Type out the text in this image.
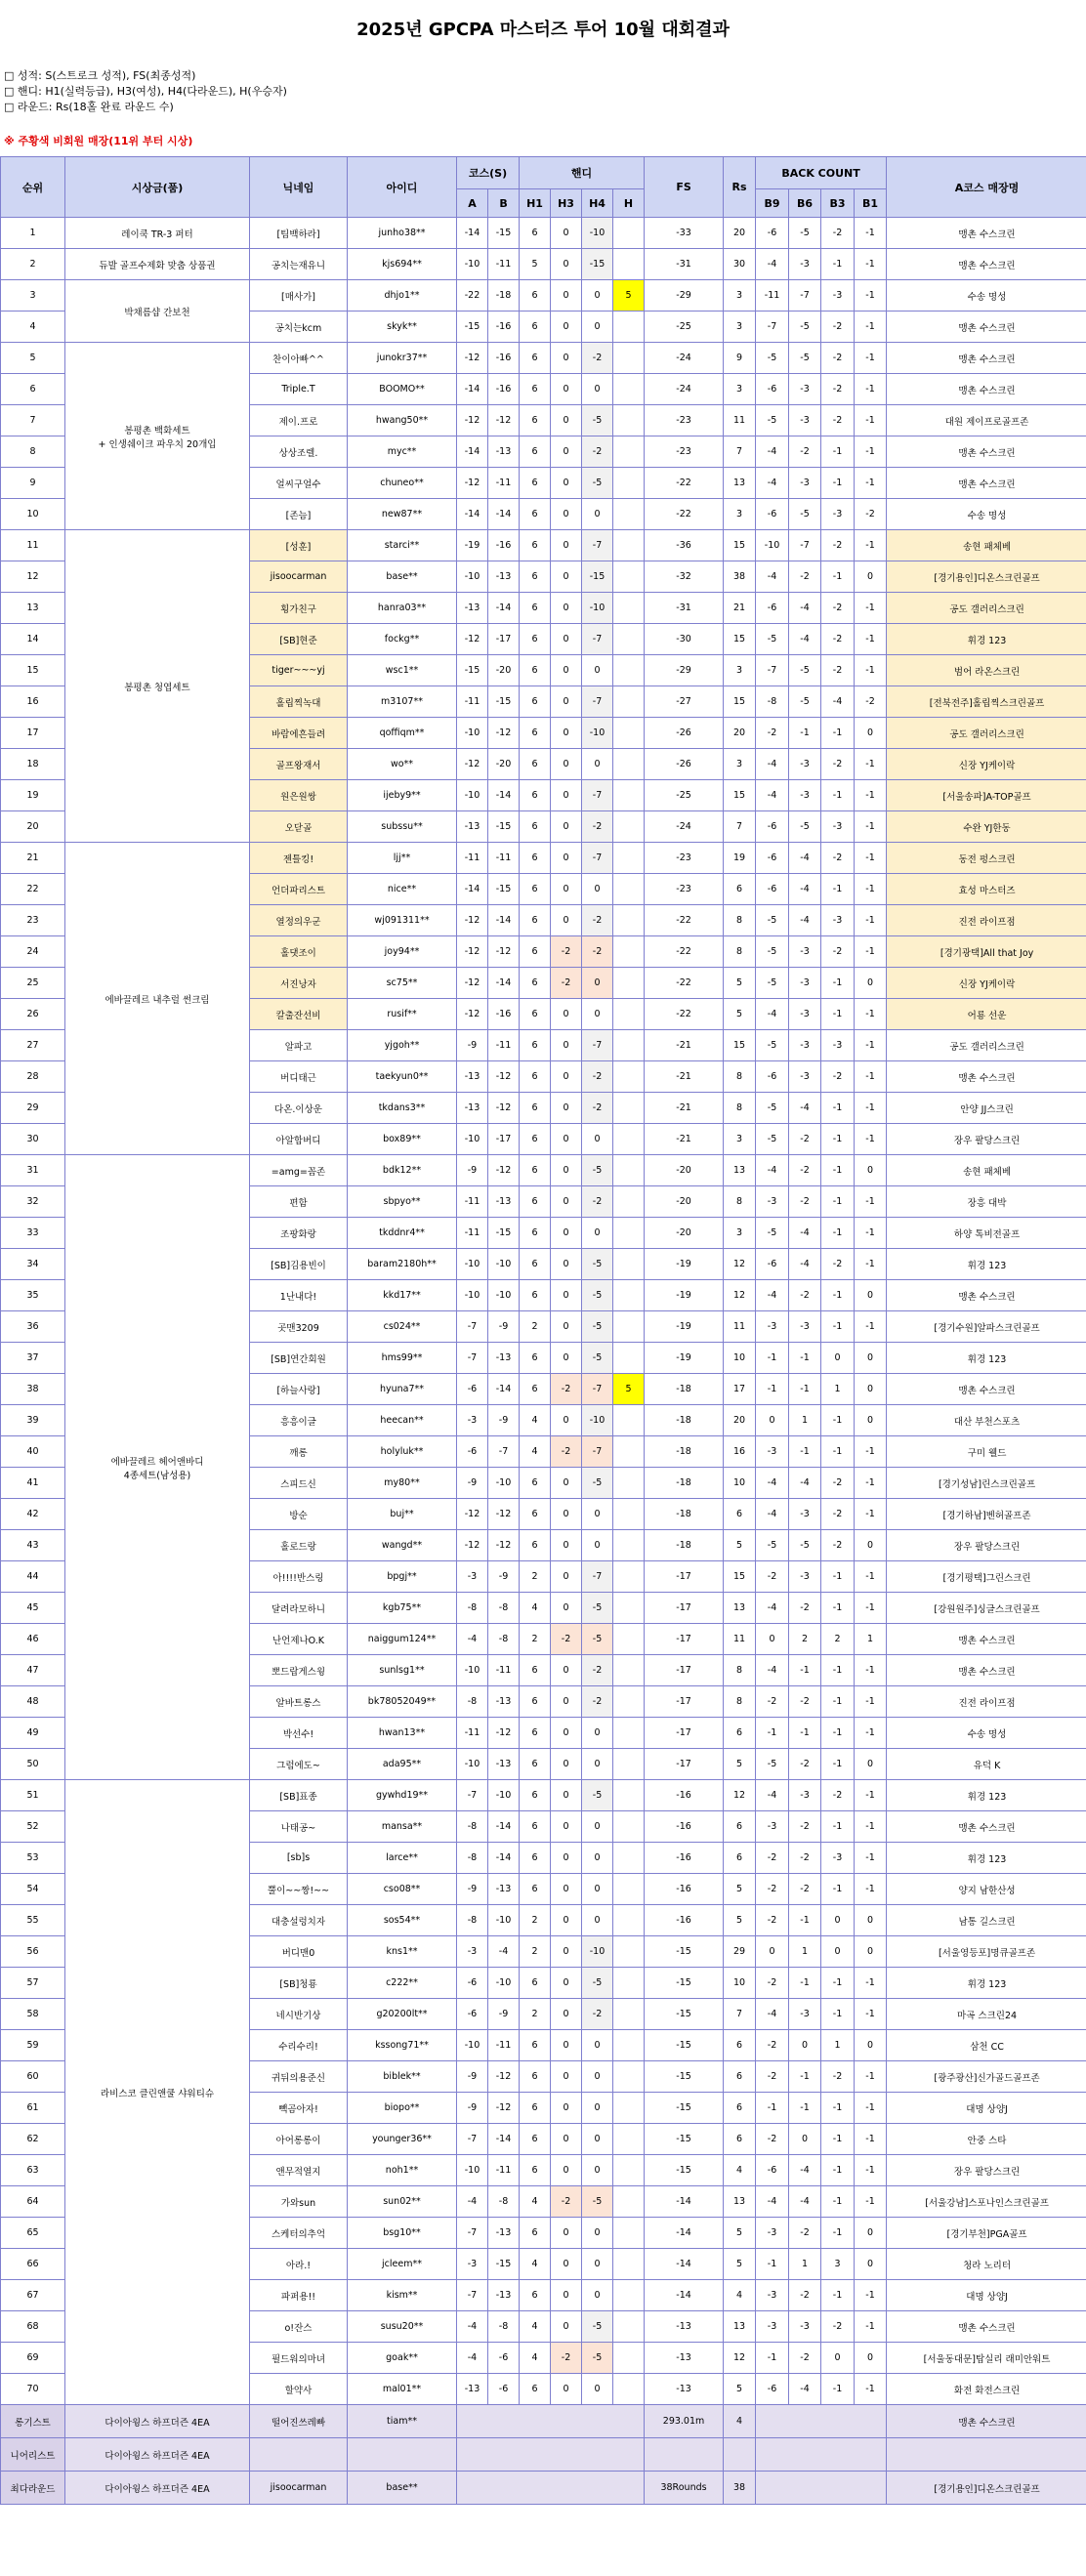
2025년 GPCPA 마스터즈 투어 10월 대회결과
□ 성적: S(스트로크 성적), FS(최종성적)
□ 핸디: H1(실력등급), H3(여성), H4(다라운드), H(우승자)
□ 라운드: Rs(18홀 완료 라운드 수)
※ 주황색 비회원 매장(11위 부터 시상)
순위	시상금(품)	닉네임	아이디	코스(S)		핸디				FS	Rs	BACK COUNT				A코스 매장명
				A	B	H1	H3	H4	H			B9	B6	B3	B1	
1	레이쿡 TR-3 퍼터	[팀백하라]	junho38**	-14	-15	6	0	-10		-33	20	-6	-5	-2	-1	맹촌 수스크린
2	듀발 골프수제화 맞춤 상품권	공치는재유니	kjs694**	-10	-11	5	0	-15		-31	30	-4	-3	-1	-1	맹촌 수스크린
3	박채름샵 간보천	[매사가]	dhjo1**	-22	-18	6	0	0	5	-29	3	-11	-7	-3	-1	수송 명성
4		공치는kcm	skyk**	-15	-16	6	0	0		-25	3	-7	-5	-2	-1	맹촌 수스크린
5	봉평촌 백화세트
+ 인생쉐이크 파우치 20개입	찬이아빠^^	junokr37**	-12	-16	6	0	-2		-24	9	-5	-5	-2	-1	맹촌 수스크린
6		Triple.T	BOOMO**	-14	-16	6	0	0		-24	3	-6	-3	-2	-1	맹촌 수스크린
7		제이.프로	hwang50**	-12	-12	6	0	-5		-23	11	-5	-3	-2	-1	대원 제이프로골프존
8		상상조렐.	myc**	-14	-13	6	0	-2		-23	7	-4	-2	-1	-1	맹촌 수스크린
9		얼씨구얼수	chuneo**	-12	-11	6	0	-5		-22	13	-4	-3	-1	-1	맹촌 수스크린
10		[존늠]	new87**	-14	-14	6	0	0		-22	3	-6	-5	-3	-2	수송 명성
11	봉평촌 청엽세트	[성훈]	starci**	-19	-16	6	0	-7		-36	15	-10	-7	-2	-1	송현 패체베
12		jisoocarman	base**	-10	-13	6	0	-15		-32	38	-4	-2	-1	0	[경기용인]디온스크린골프
13		횡가친구	hanra03**	-13	-14	6	0	-10		-31	21	-6	-4	-2	-1	공도 갤러리스크린
14		[SB]현준	fockg**	-12	-17	6	0	-7		-30	15	-5	-4	-2	-1	휘경 123
15		tiger~~~yj	wsc1**	-15	-20	6	0	0		-29	3	-7	-5	-2	-1	범어 라온스크린
16		홀립찍녹대	m3107**	-11	-15	6	0	-7		-27	15	-8	-5	-4	-2	[전북전주]홀립찍스크린골프
17		바람에흔들려	qoffiqm**	-10	-12	6	0	-10		-26	20	-2	-1	-1	0	공도 갤러리스크린
18		골프왕재서	wo**	-12	-20	6	0	0		-26	3	-4	-3	-2	-1	신장 YJ케이락
19		원은원쌍	ijeby9**	-10	-14	6	0	-7		-25	15	-4	-3	-1	-1	[서울송파]A-TOP골프
20		오닫골	subssu**	-13	-15	6	0	-2		-24	7	-6	-5	-3	-1	수완 YJ한동
21	에바끌레르 내추럴 썬크림	젠틀킹!	ljj**	-11	-11	6	0	-7		-23	19	-6	-4	-2	-1	동전 펑스크린
22		언더파리스트	nice**	-14	-15	6	0	0		-23	6	-6	-4	-1	-1	효성 마스터즈
23		열정의우군	wj091311**	-12	-14	6	0	-2		-22	8	-5	-4	-3	-1	진전 라이프점
24		홀댓조이	joy94**	-12	-12	6	-2	-2		-22	8	-5	-3	-2	-1	[경기광택]All that Joy
25		서진낭자	sc75**	-12	-14	6	-2	0		-22	5	-5	-3	-1	0	신장 YJ케이락
26		칼출잔선비	rusif**	-12	-16	6	0	0		-22	5	-4	-3	-1	-1	어룡 선운
27		알파고	yjgoh**	-9	-11	6	0	-7		-21	15	-5	-3	-3	-1	공도 갤러리스크린
28		버디태근	taekyun0**	-13	-12	6	0	-2		-21	8	-6	-3	-2	-1	맹촌 수스크린
29		다온.이상운	tkdans3**	-13	-12	6	0	-2		-21	8	-5	-4	-1	-1	안양 JJ스크린
30		아알합버디	box89**	-10	-17	6	0	0		-21	3	-5	-2	-1	-1	장우 팔당스크린
31	에바끌레르 헤어앤바디
4종세트(남성용)	=amg=꼼존	bdk12**	-9	-12	6	0	-5		-20	13	-4	-2	-1	0	송현 패체베
32		편함	sbpyo**	-11	-13	6	0	-2		-20	8	-3	-2	-1	-1	장흥 대박
33		조팡화랑	tkddnr4**	-11	-15	6	0	0		-20	3	-5	-4	-1	-1	하양 톡비전골프
34		[SB]김용빈이	baram2180h**	-10	-10	6	0	-5		-19	12	-6	-4	-2	-1	휘경 123
35		1난내다!	kkd17**	-10	-10	6	0	-5		-19	12	-4	-2	-1	0	맹촌 수스크린
36		곳맨3209	cs024**	-7	-9	2	0	-5		-19	11	-3	-3	-1	-1	[경기수원]알파스크린골프
37		[SB]연간회원	hms99**	-7	-13	6	0	-5		-19	10	-1	-1	0	0	휘경 123
38		[하늘사랑]	hyuna7**	-6	-14	6	-2	-7	5	-18	17	-1	-1	1	0	맹촌 수스크린
39		흥흥이글	heecan**	-3	-9	4	0	-10		-18	20	0	1	-1	0	대산 부천스포츠
40		깨롱	holyluk**	-6	-7	4	-2	-7		-18	16	-3	-1	-1	-1	구미 웰드
41		스피드신	my80**	-9	-10	6	0	-5		-18	10	-4	-4	-2	-1	[경기성남]린스크린골프
42		방순	buj**	-12	-12	6	0	0		-18	6	-4	-3	-2	-1	[경기하남]벤허골프존
43		홀로드랑	wangd**	-12	-12	6	0	0		-18	5	-5	-5	-2	0	장우 팔당스크린
44		아!!!!반스링	bpgj**	-3	-9	2	0	-7		-17	15	-2	-3	-1	-1	[경기평택]그린스크린
45		달려라모하니	kgb75**	-8	-8	4	0	-5		-17	13	-4	-2	-1	-1	[강원원주]싱글스크린골프
46		난언제나O.K	naiggum124**	-4	-8	2	-2	-5		-17	11	0	2	2	1	맹촌 수스크린
47		뽀드랍게스윙	sunlsg1**	-10	-11	6	0	-2		-17	8	-4	-1	-1	-1	맹촌 수스크린
48		알바트롱스	bk78052049**	-8	-13	6	0	-2		-17	8	-2	-2	-1	-1	진전 라이프점
49		박선수!	hwan13**	-11	-12	6	0	0		-17	6	-1	-1	-1	-1	수송 명성
50		그럼에도~	ada95**	-10	-13	6	0	0		-17	5	-5	-2	-1	0	유덕 K
51	라비스코 클린앤쿨 샤워티슈	[SB]표종	gywhd19**	-7	-10	6	0	-5		-16	12	-4	-3	-2	-1	휘경 123
52		나태공~	mansa**	-8	-14	6	0	0		-16	6	-3	-2	-1	-1	맹촌 수스크린
53		[sb]s	larce**	-8	-14	6	0	0		-16	6	-2	-2	-3	-1	휘경 123
54		뿔이~~짱!~~	cso08**	-9	-13	6	0	0		-16	5	-2	-2	-1	-1	양지 남한산성
55		대충설렁치자	sos54**	-8	-10	2	0	0		-16	5	-2	-1	0	0	남통 길스크린
56		버디맨0	kns1**	-3	-4	2	0	-10		-15	29	0	1	0	0	[서울영등포]명큐골프존
57		[SB]청룡	c222**	-6	-10	6	0	-5		-15	10	-2	-1	-1	-1	휘경 123
58		네시반기상	g20200lt**	-6	-9	2	0	-2		-15	7	-4	-3	-1	-1	마곡 스크린24
59		수리수리!	kssong71**	-10	-11	6	0	0		-15	6	-2	0	1	0	삼천 CC
60		귀뒤의용준신	biblek**	-9	-12	6	0	0		-15	6	-2	-1	-2	-1	[광주광산]신가골드골프존
61		빽곰아자!	biopo**	-9	-12	6	0	0		-15	6	-1	-1	-1	-1	대명 상양J
62		아어롱롱이	younger36**	-7	-14	6	0	0		-15	6	-2	0	-1	-1	안중 스타
63		앤무적열지	noh1**	-10	-11	6	0	0		-15	4	-6	-4	-1	-1	장우 팔당스크린
64		가와sun	sun02**	-4	-8	4	-2	-5		-14	13	-4	-4	-1	-1	[서울강남]스포나인스크린골프
65		스케터의추억	bsg10**	-7	-13	6	0	0		-14	5	-3	-2	-1	0	[경기부천]PGA골프
66		아라.!	jcleem**	-3	-15	4	0	0		-14	5	-1	1	3	0	청라 노리터
67		파퍼용!!	kism**	-7	-13	6	0	0		-14	4	-3	-2	-1	-1	대명 상양J
68		o!잔스	susu20**	-4	-8	4	0	-5		-13	13	-3	-3	-2	-1	맹촌 수스크린
69		필드워의마녀	goak**	-4	-6	4	-2	-5		-13	12	-1	-2	0	0	[서울동대문]탑실리 래미안워트
70		할약사	mal01**	-13	-6	6	0	0		-13	5	-6	-4	-1	-1	화전 화전스크린
롱기스트	다이아윙스 하프더즌 4EA	떨어진쓰레빠	tiam**							293.01m	4					맹촌 수스크린
니어리스트	다이아윙스 하프더즌 4EA															
최다라운드	다이아윙스 하프더즌 4EA	jisoocarman	base**							38Rounds	38					[경기용인]디온스크린골프
